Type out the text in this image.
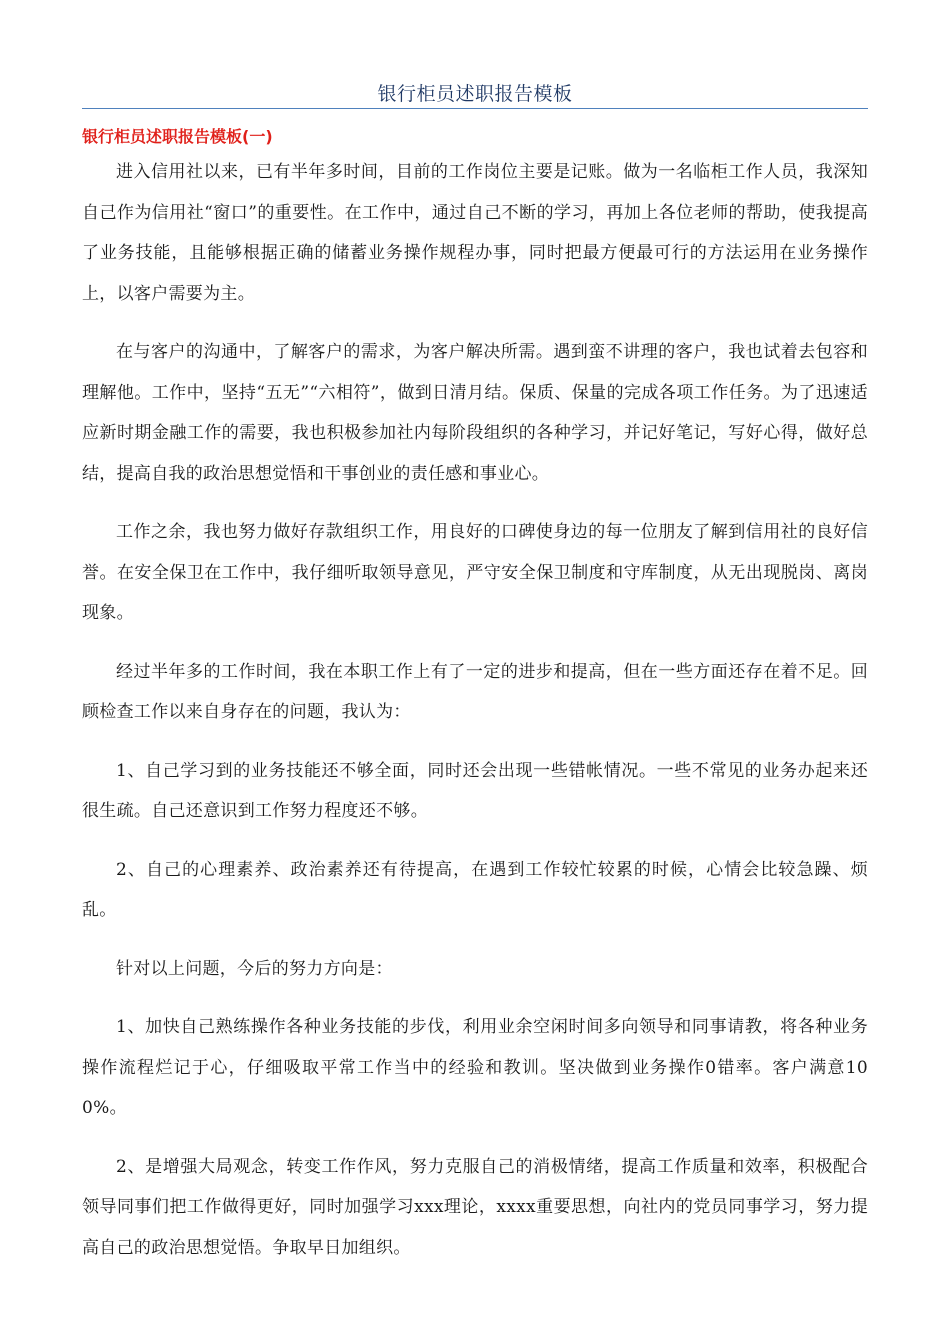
银行柜员述职报告模板
银行柜员述职报告模板(一)

进入信用社以来，已有半年多时间，目前的工作岗位主要是记账。做为一名临柜工作人员，我深知自己作为信用社“窗口”的重要性。在工作中，通过自己不断的学习，再加上各位老师的帮助，使我提高了业务技能，且能够根据正确的储蓄业务操作规程办事，同时把最方便最可行的方法运用在业务操作上，以客户需要为主。

在与客户的沟通中，了解客户的需求，为客户解决所需。遇到蛮不讲理的客户，我也试着去包容和理解他。工作中，坚持“五无”“六相符”，做到日清月结。保质、保量的完成各项工作任务。为了迅速适应新时期金融工作的需要，我也积极参加社内每阶段组织的各种学习，并记好笔记，写好心得，做好总结，提高自我的政治思想觉悟和干事创业的责任感和事业心。

工作之余，我也努力做好存款组织工作，用良好的口碑使身边的每一位朋友了解到信用社的良好信誉。在安全保卫在工作中，我仔细听取领导意见，严守安全保卫制度和守库制度，从无出现脱岗、离岗现象。

经过半年多的工作时间，我在本职工作上有了一定的进步和提高，但在一些方面还存在着不足。回顾检查工作以来自身存在的问题，我认为：

1、自己学习到的业务技能还不够全面，同时还会出现一些错帐情况。一些不常见的业务办起来还很生疏。自己还意识到工作努力程度还不够。

2、自己的心理素养、政治素养还有待提高，在遇到工作较忙较累的时候，心情会比较急躁、烦乱。

针对以上问题，今后的努力方向是：

1、加快自己熟练操作各种业务技能的步伐，利用业余空闲时间多向领导和同事请教，将各种业务操作流程烂记于心，仔细吸取平常工作当中的经验和教训。坚决做到业务操作0错率。客户满意100%。

2、是增强大局观念，转变工作作风，努力克服自己的消极情绪，提高工作质量和效率，积极配合领导同事们把工作做得更好，同时加强学习xxx理论，xxxx重要思想，向社内的党员同事学习，努力提高自己的政治思想觉悟。争取早日加组织。
